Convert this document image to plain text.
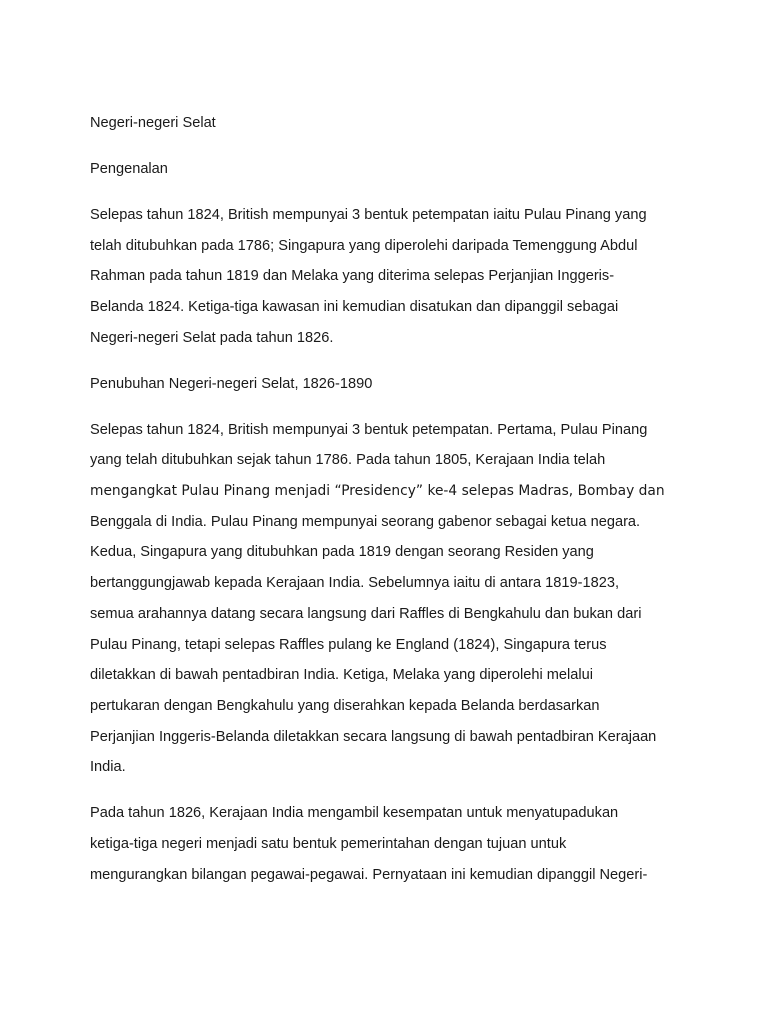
Negeri-negeri Selat
Pengenalan
Selepas tahun 1824, British mempunyai 3 bentuk petempatan iaitu Pulau Pinang yang
telah ditubuhkan pada 1786; Singapura yang diperolehi daripada Temenggung Abdul
Rahman pada tahun 1819 dan Melaka yang diterima selepas Perjanjian Inggeris-
Belanda 1824. Ketiga-tiga kawasan ini kemudian disatukan dan dipanggil sebagai
Negeri-negeri Selat pada tahun 1826.
Penubuhan Negeri-negeri Selat, 1826-1890
Selepas tahun 1824, British mempunyai 3 bentuk petempatan. Pertama, Pulau Pinang
yang telah ditubuhkan sejak tahun 1786. Pada tahun 1805, Kerajaan India telah
mengangkat Pulau Pinang menjadi “Presidency” ke-4 selepas Madras, Bombay dan
Benggala di India. Pulau Pinang mempunyai seorang gabenor sebagai ketua negara.
Kedua, Singapura yang ditubuhkan pada 1819 dengan seorang Residen yang
bertanggungjawab kepada Kerajaan India. Sebelumnya iaitu di antara 1819-1823,
semua arahannya datang secara langsung dari Raffles di Bengkahulu dan bukan dari
Pulau Pinang, tetapi selepas Raffles pulang ke England (1824), Singapura terus
diletakkan di bawah pentadbiran India. Ketiga, Melaka yang diperolehi melalui
pertukaran dengan Bengkahulu yang diserahkan kepada Belanda berdasarkan
Perjanjian Inggeris-Belanda diletakkan secara langsung di bawah pentadbiran Kerajaan
India.
Pada tahun 1826, Kerajaan India mengambil kesempatan untuk menyatupadukan
ketiga-tiga negeri menjadi satu bentuk pemerintahan dengan tujuan untuk
mengurangkan bilangan pegawai-pegawai. Pernyataan ini kemudian dipanggil Negeri-
